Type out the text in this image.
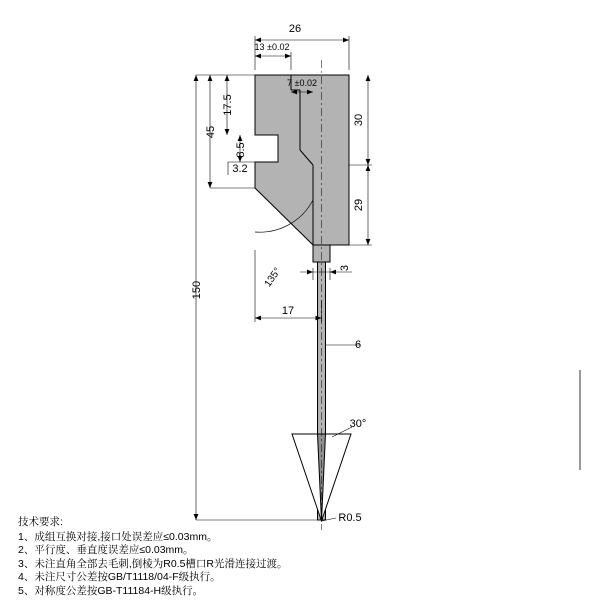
26
13 ±0.02
7 ±0.02
17.5
8.5
45
3.2
150
30
29
135°	3
17
6
30°
R0.5
技术要求:
1、成组互换对接,接口处误差应≤0.03mm。
2、平行度、垂直度误差应≤0.03mm。
3、未注直角全部去毛刺,倒棱为R0.5槽口R光滑连接过渡。
4、未注尺寸公差按GB/T1118/04-F级执行。
5、对称度公差按GB-T11184-H级执行。
